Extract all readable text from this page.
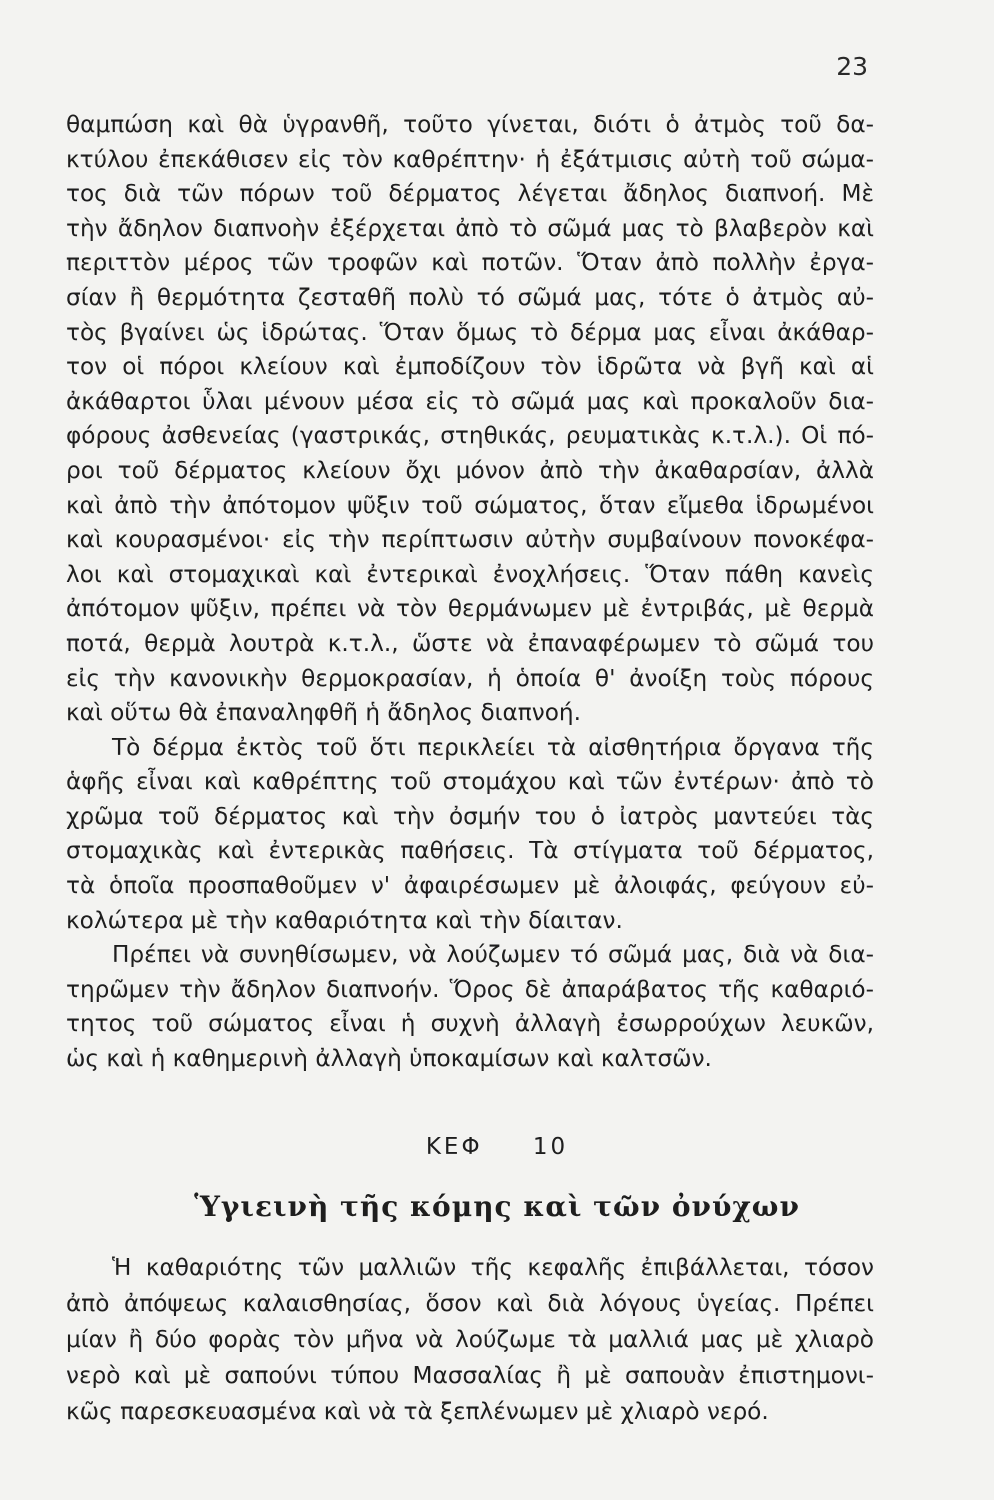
23
θαμπώση καὶ θὰ ὑγρανθῆ, τοῦτο γίνεται, διότι ὁ ἀτμὸς τοῦ δα-
κτύλου ἐπεκάθισεν εἰς τὸν καθρέπτην· ἡ ἐξάτμισις αὐτὴ τοῦ σώμα-
τος διὰ τῶν πόρων τοῦ δέρματος λέγεται ἄδηλος διαπνοή. Μὲ
τὴν ἄδηλον διαπνοὴν ἐξέρχεται ἀπὸ τὸ σῶμά μας τὸ βλαβερὸν καὶ
περιττὸν μέρος τῶν τροφῶν καὶ ποτῶν. Ὅταν ἀπὸ πολλὴν ἐργα-
σίαν ἢ θερμότητα ζεσταθῆ πολὺ τό σῶμά μας, τότε ὁ ἀτμὸς αὐ-
τὸς βγαίνει ὡς ἱδρώτας. Ὅταν ὅμως τὸ δέρμα μας εἶναι ἀκάθαρ-
τον οἱ πόροι κλείουν καὶ ἐμποδίζουν τὸν ἱδρῶτα νὰ βγῆ καὶ αἱ
ἀκάθαρτοι ὗλαι μένουν μέσα εἰς τὸ σῶμά μας καὶ προκαλοῦν δια-
φόρους ἀσθενείας (γαστρικάς, στηθικάς, ρευματικὰς κ.τ.λ.). Οἱ πό-
ροι τοῦ δέρματος κλείουν ὄχι μόνον ἀπὸ τὴν ἀκαθαρσίαν, ἀλλὰ
καὶ ἀπὸ τὴν ἀπότομον ψῦξιν τοῦ σώματος, ὅταν εἴμεθα ἱδρωμένοι
καὶ κουρασμένοι· εἰς τὴν περίπτωσιν αὐτὴν συμβαίνουν πονοκέφα-
λοι καὶ στομαχικαὶ καὶ ἐντερικαὶ ἐνοχλήσεις. Ὅταν πάθη κανεὶς
ἀπότομον ψῦξιν, πρέπει νὰ τὸν θερμάνωμεν μὲ ἐντριβάς, μὲ θερμὰ
ποτά, θερμὰ λουτρὰ κ.τ.λ., ὥστε νὰ ἐπαναφέρωμεν τὸ σῶμά του
εἰς τὴν κανονικὴν θερμοκρασίαν, ἡ ὁποία θ' ἀνοίξη τοὺς πόρους
καὶ οὕτω θὰ ἐπαναληφθῆ ἡ ἄδηλος διαπνοή.
Τὸ δέρμα ἐκτὸς τοῦ ὅτι περικλείει τὰ αἰσθητήρια ὄργανα τῆς
ἁφῆς εἶναι καὶ καθρέπτης τοῦ στομάχου καὶ τῶν ἐντέρων· ἀπὸ τὸ
χρῶμα τοῦ δέρματος καὶ τὴν ὀσμήν του ὁ ἰατρὸς μαντεύει τὰς
στομαχικὰς καὶ ἐντερικὰς παθήσεις. Τὰ στίγματα τοῦ δέρματος,
τὰ ὁποῖα προσπαθοῦμεν ν' ἀφαιρέσωμεν μὲ ἀλοιφάς, φεύγουν εὐ-
κολώτερα μὲ τὴν καθαριότητα καὶ τὴν δίαιταν.
Πρέπει νὰ συνηθίσωμεν, νὰ λούζωμεν τό σῶμά μας, διὰ νὰ δια-
τηρῶμεν τὴν ἄδηλον διαπνοήν. Ὅρος δὲ ἀπαράβατος τῆς καθαριό-
τητος τοῦ σώματος εἶναι ἡ συχνὴ ἀλλαγὴ ἐσωρρούχων λευκῶν,
ὡς καὶ ἡ καθημερινὴ ἀλλαγὴ ὑποκαμίσων καὶ καλτσῶν.
ΚΕΦ 10
Ὑγιεινὴ τῆς κόμης καὶ τῶν ὀνύχων
Ἡ καθαριότης τῶν μαλλιῶν τῆς κεφαλῆς ἐπιβάλλεται, τόσον
ἀπὸ ἀπόψεως καλαισθησίας, ὅσον καὶ διὰ λόγους ὑγείας. Πρέπει
μίαν ἢ δύο φορὰς τὸν μῆνα νὰ λούζωμε τὰ μαλλιά μας μὲ χλιαρὸ
νερὸ καὶ μὲ σαπούνι τύπου Μασσαλίας ἢ μὲ σαπουὰν ἐπιστημονι-
κῶς παρεσκευασμένα καὶ νὰ τὰ ξεπλένωμεν μὲ χλιαρὸ νερό.
